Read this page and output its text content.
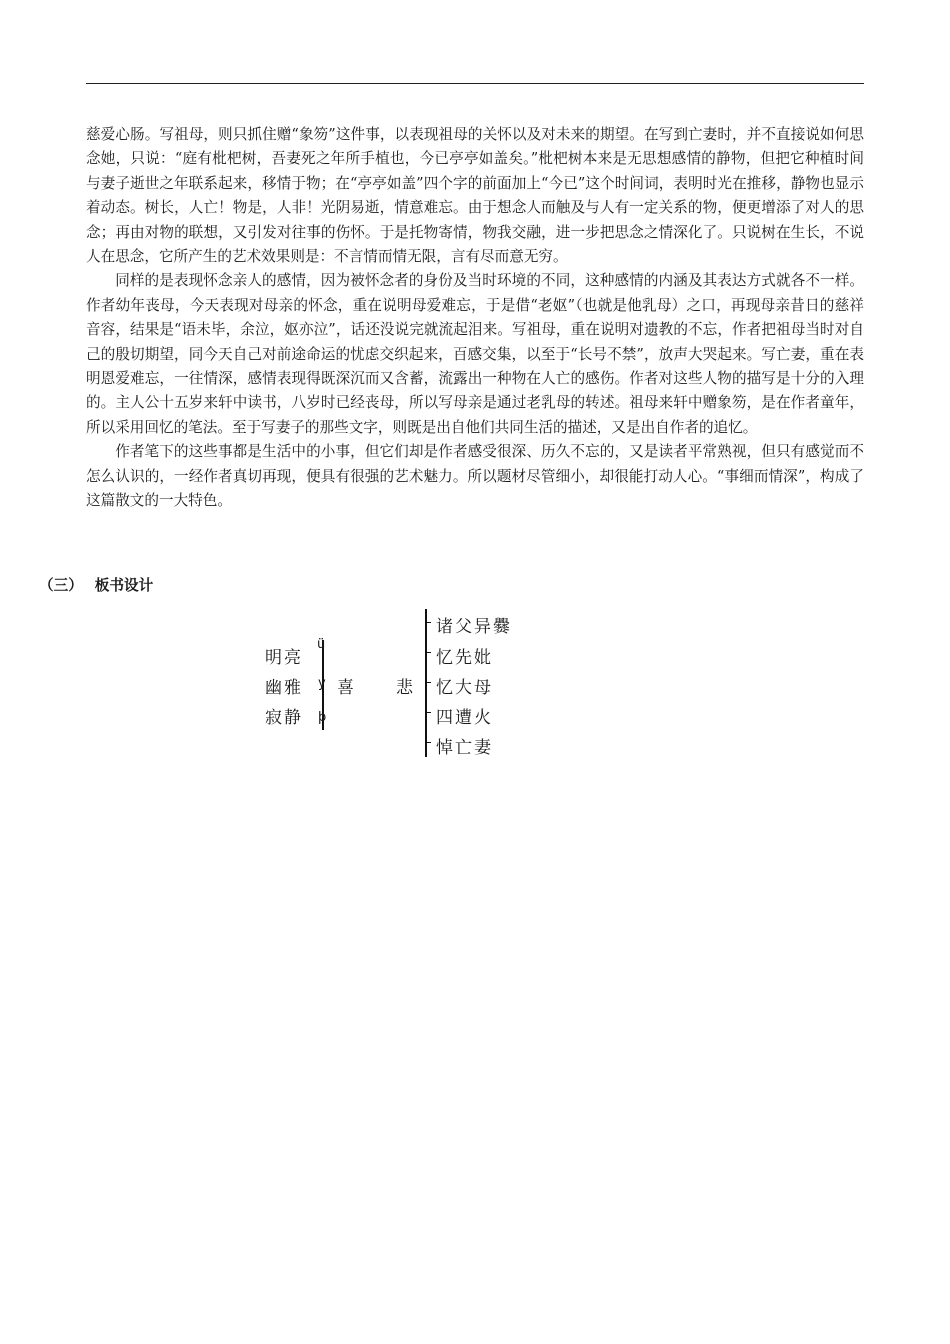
慈爱心肠。写祖母，则只抓住赠“象笏”这件事，以表现祖母的关怀以及对未来的期望。在写到亡妻时，并不直接说如何思念她，只说：“庭有枇杷树，吾妻死之年所手植也，今已亭亭如盖矣。”枇杷树本来是无思想感情的静物，但把它种植时间与妻子逝世之年联系起来，移情于物；在“亭亭如盖”四个字的前面加上“今已”这个时间词，表明时光在推移，静物也显示着动态。树长，人亡！物是，人非！光阴易逝，情意难忘。由于想念人而触及与人有一定关系的物，便更增添了对人的思念；再由对物的联想，又引发对往事的伤怀。于是托物寄情，物我交融，进一步把思念之情深化了。只说树在生长，不说人在思念，它所产生的艺术效果则是：不言情而情无限，言有尽而意无穷。

同样的是表现怀念亲人的感情，因为被怀念者的身份及当时环境的不同，这种感情的内涵及其表达方式就各不一样。作者幼年丧母，今天表现对母亲的怀念，重在说明母爱难忘，于是借“老妪”（也就是他乳母）之口，再现母亲昔日的慈祥音容，结果是“语未毕，余泣，妪亦泣”，话还没说完就流起泪来。写祖母，重在说明对遗教的不忘，作者把祖母当时对自己的殷切期望，同今天自己对前途命运的忧虑交织起来，百感交集，以至于“长号不禁”，放声大哭起来。写亡妻，重在表明恩爱难忘，一往情深，感情表现得既深沉而又含蓄，流露出一种物在人亡的感伤。作者对这些人物的描写是十分的入理的。主人公十五岁来轩中读书，八岁时已经丧母，所以写母亲是通过老乳母的转述。祖母来轩中赠象笏，是在作者童年，所以采用回忆的笔法。至于写妻子的那些文字，则既是出自他们共同生活的描述，又是出自作者的追忆。

作者笔下的这些事都是生活中的小事，但它们却是作者感受很深、历久不忘的，又是读者平常熟视，但只有感觉而不怎么认识的，一经作者真切再现，便具有很强的艺术魅力。所以题材尽管细小，却很能打动人心。“事细而情深”，构成了这篇散文的一大特色。

（三） 板书设计
明亮
幽雅
寂静
ü
y
þ
喜 悲
诸父异爨
忆先妣
忆大母
四遭火
悼亡妻
